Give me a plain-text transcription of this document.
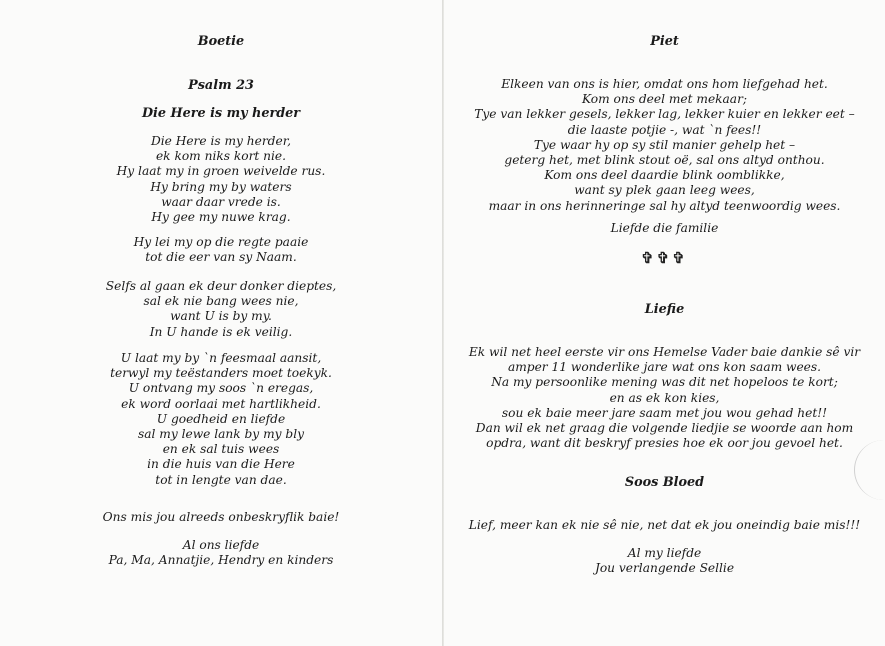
Boetie
Psalm 23
Die Here is my herder
Die Here is my herder,
ek kom niks kort nie.
Hy laat my in groen weivelde rus.
Hy bring my by waters
waar daar vrede is.
Hy gee my nuwe krag.
Hy lei my op die regte paaie
tot die eer van sy Naam.
Selfs al gaan ek deur donker dieptes,
sal ek nie bang wees nie,
want U is by my.
In U hande is ek veilig.
U laat my by `n feesmaal aansit,
terwyl my teëstanders moet toekyk.
U ontvang my soos `n eregas,
ek word oorlaai met hartlikheid.
U goedheid en liefde
sal my lewe lank by my bly
en ek sal tuis wees
in die huis van die Here
tot in lengte van dae.
Ons mis jou alreeds onbeskryflik baie!
Al ons liefde
Pa, Ma, Annatjie, Hendry en kinders
Piet
Elkeen van ons is hier, omdat ons hom liefgehad het.
Kom ons deel met mekaar;
Tye van lekker gesels, lekker lag, lekker kuier en lekker eet –
die laaste potjie -, wat `n fees!!
Tye waar hy op sy stil manier gehelp het –
geterg het, met blink stout oë, sal ons altyd onthou.
Kom ons deel daardie blink oomblikke,
want sy plek gaan leeg wees,
maar in ons herinneringe sal hy altyd teenwoordig wees.
Liefde die familie
✞✞✞
Liefie
Ek wil net heel eerste vir ons Hemelse Vader baie dankie sê vir
amper 11 wonderlike jare wat ons kon saam wees.
Na my persoonlike mening was dit net hopeloos te kort;
en as ek kon kies,
sou ek baie meer jare saam met jou wou gehad het!!
Dan wil ek net graag die volgende liedjie se woorde aan hom
opdra, want dit beskryf presies hoe ek oor jou gevoel het.
Soos Bloed
Lief, meer kan ek nie sê nie, net dat ek jou oneindig baie mis!!!
Al my liefde
Jou verlangende Sellie
